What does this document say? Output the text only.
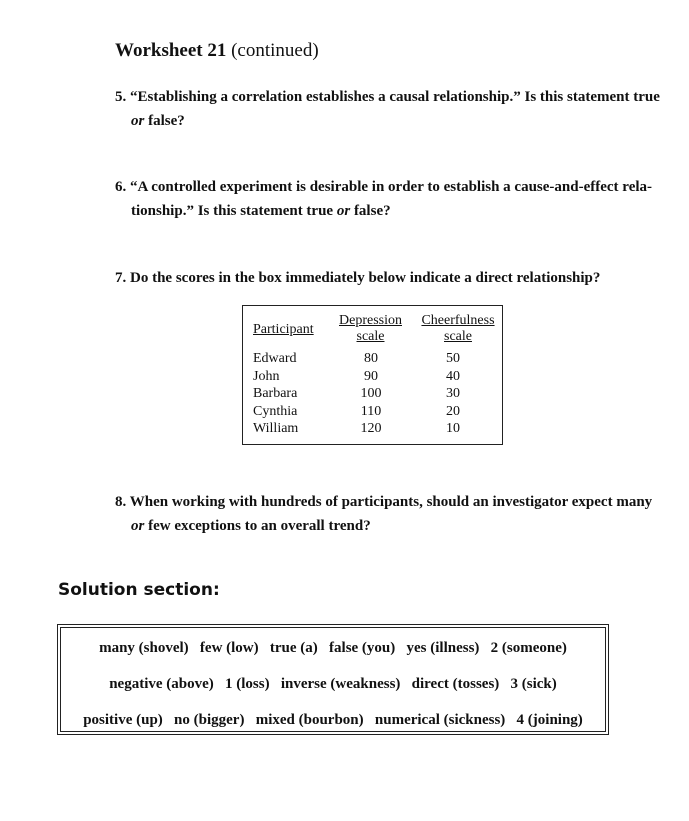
Worksheet 21 (continued)
5. “Establishing a correlation establishes a causal relationship.” Is this statement true
or false?
6. “A controlled experiment is desirable in order to establish a cause-and-effect rela-
tionship.” Is this statement true or false?
7. Do the scores in the box immediately below indicate a direct relationship?
Participant
Depression
scale
Cheerfulness
scale
Edward
John
Barbara
Cynthia
William
80
90
100
110
120
50
40
30
20
10
8. When working with hundreds of participants, should an investigator expect many
or few exceptions to an overall trend?
Solution section:
many (shovel)   few (low)   true (a)   false (you)   yes (illness)   2 (someone)
negative (above)   1 (loss)   inverse (weakness)   direct (tosses)   3 (sick)
positive (up)   no (bigger)   mixed (bourbon)   numerical (sickness)   4 (joining)
